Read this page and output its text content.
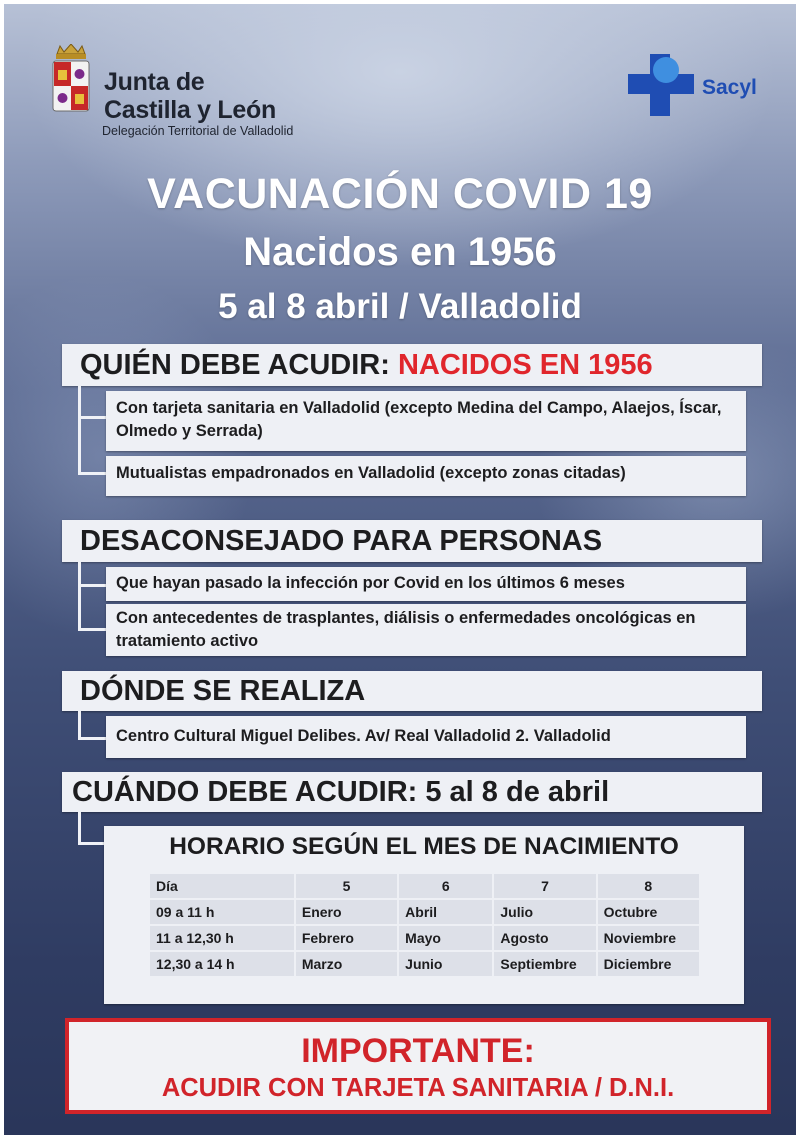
Junta de
Castilla y León
Delegación Territorial de Valladolid
Sacyl
VACUNACIÓN COVID 19
Nacidos en 1956
5 al 8 abril / Valladolid
QUIÉN DEBE ACUDIR: NACIDOS EN 1956
Con tarjeta sanitaria en Valladolid (excepto Medina del Campo, Alaejos, Íscar, Olmedo y Serrada)
Mutualistas empadronados en Valladolid (excepto zonas citadas)
DESACONSEJADO PARA PERSONAS
Que hayan pasado la infección por Covid en los últimos 6 meses
Con antecedentes de trasplantes, diálisis o enfermedades oncológicas en tratamiento activo
DÓNDE SE REALIZA
Centro Cultural Miguel Delibes. Av/ Real Valladolid 2. Valladolid
CUÁNDO DEBE ACUDIR: 5 al 8 de abril
HORARIO SEGÚN EL MES DE NACIMIENTO
Día	5	6	7	8
09 a 11 h	Enero	Abril	Julio	Octubre
11 a 12,30 h	Febrero	Mayo	Agosto	Noviembre
12,30 a 14 h	Marzo	Junio	Septiembre	Diciembre
IMPORTANTE:
ACUDIR CON TARJETA SANITARIA / D.N.I.
